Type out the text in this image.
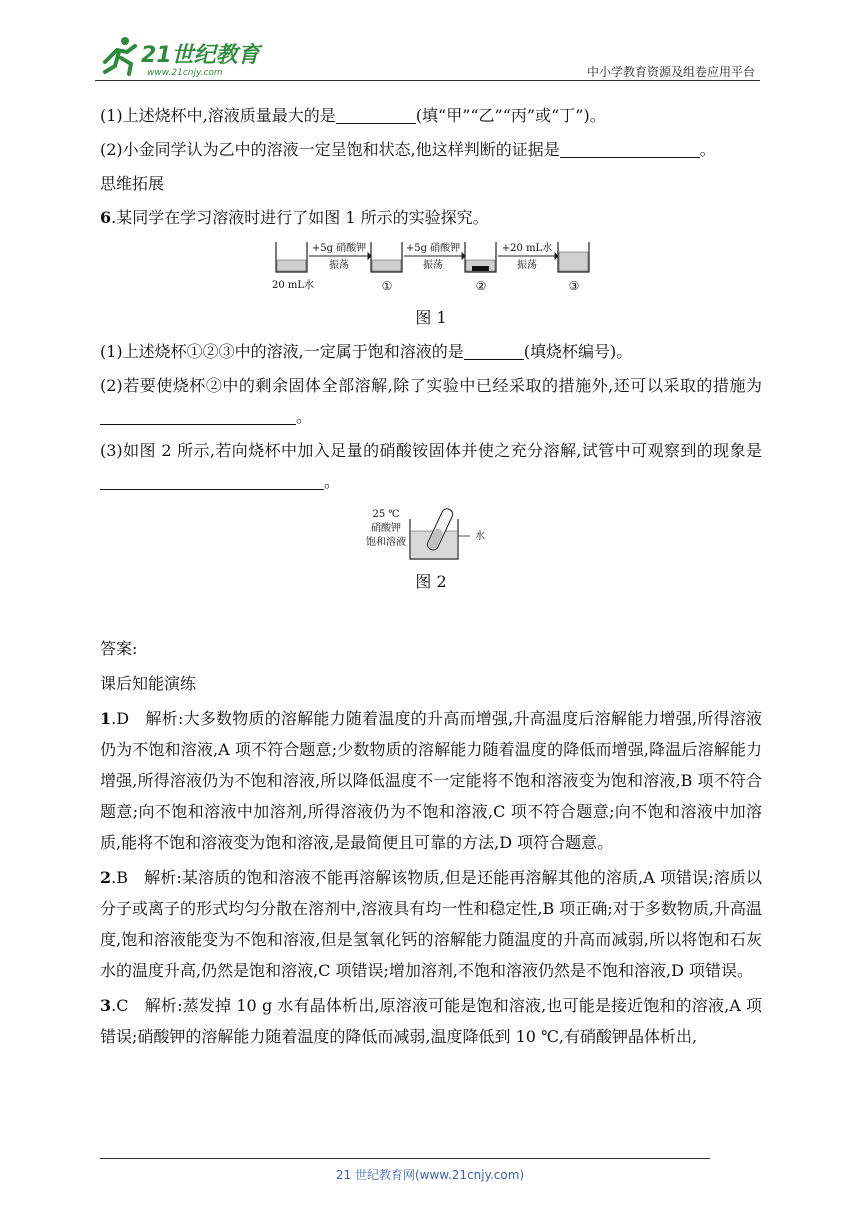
21世纪教育
www.21cnjy.com	中小学教育资源及组卷应用平台

(1)上述烧杯中,溶液质量最大的是	(填“甲”“乙”“丙”或“丁”)。

(2)小金同学认为乙中的溶液一定呈饱和状态,他这样判断的证据是	。

思维拓展

6.某同学在学习溶液时进行了如图 1 所示的实验探究。

+5g 硝酸钾
振荡
+5g 硝酸钾
振荡
+20 mL水
振荡
20 mL水	①	②	③

图 1

(1)上述烧杯①②③中的溶液,一定属于饱和溶液的是	(填烧杯编号)。

(2)若要使烧杯②中的剩余固体全部溶解,除了实验中已经采取的措施外,还可以采取的措施为。

(3)如图 2 所示,若向烧杯中加入足量的硝酸铵固体并使之充分溶解,试管中可观察到的现象是。

25 ℃
硝酸钾
饱和溶液
水

图 2

答案:

课后知能演练

1.D　解析:大多数物质的溶解能力随着温度的升高而增强,升高温度后溶解能力增强,所得溶液仍为不饱和溶液,A 项不符合题意;少数物质的溶解能力随着温度的降低而增强,降温后溶解能力增强,所得溶液仍为不饱和溶液,所以降低温度不一定能将不饱和溶液变为饱和溶液,B 项不符合题意;向不饱和溶液中加溶剂,所得溶液仍为不饱和溶液,C 项不符合题意;向不饱和溶液中加溶质,能将不饱和溶液变为饱和溶液,是最简便且可靠的方法,D 项符合题意。

2.B　解析:某溶质的饱和溶液不能再溶解该物质,但是还能再溶解其他的溶质,A 项错误;溶质以分子或离子的形式均匀分散在溶剂中,溶液具有均一性和稳定性,B 项正确;对于多数物质,升高温度,饱和溶液能变为不饱和溶液,但是氢氧化钙的溶解能力随温度的升高而减弱,所以将饱和石灰水的温度升高,仍然是饱和溶液,C 项错误;增加溶剂,不饱和溶液仍然是不饱和溶液,D 项错误。

3.C　解析:蒸发掉 10 g 水有晶体析出,原溶液可能是饱和溶液,也可能是接近饱和的溶液,A 项错误;硝酸钾的溶解能力随着温度的降低而减弱,温度降低到 10 ℃,有硝酸钾晶体析出,

21 世纪教育网(www.21cnjy.com)
